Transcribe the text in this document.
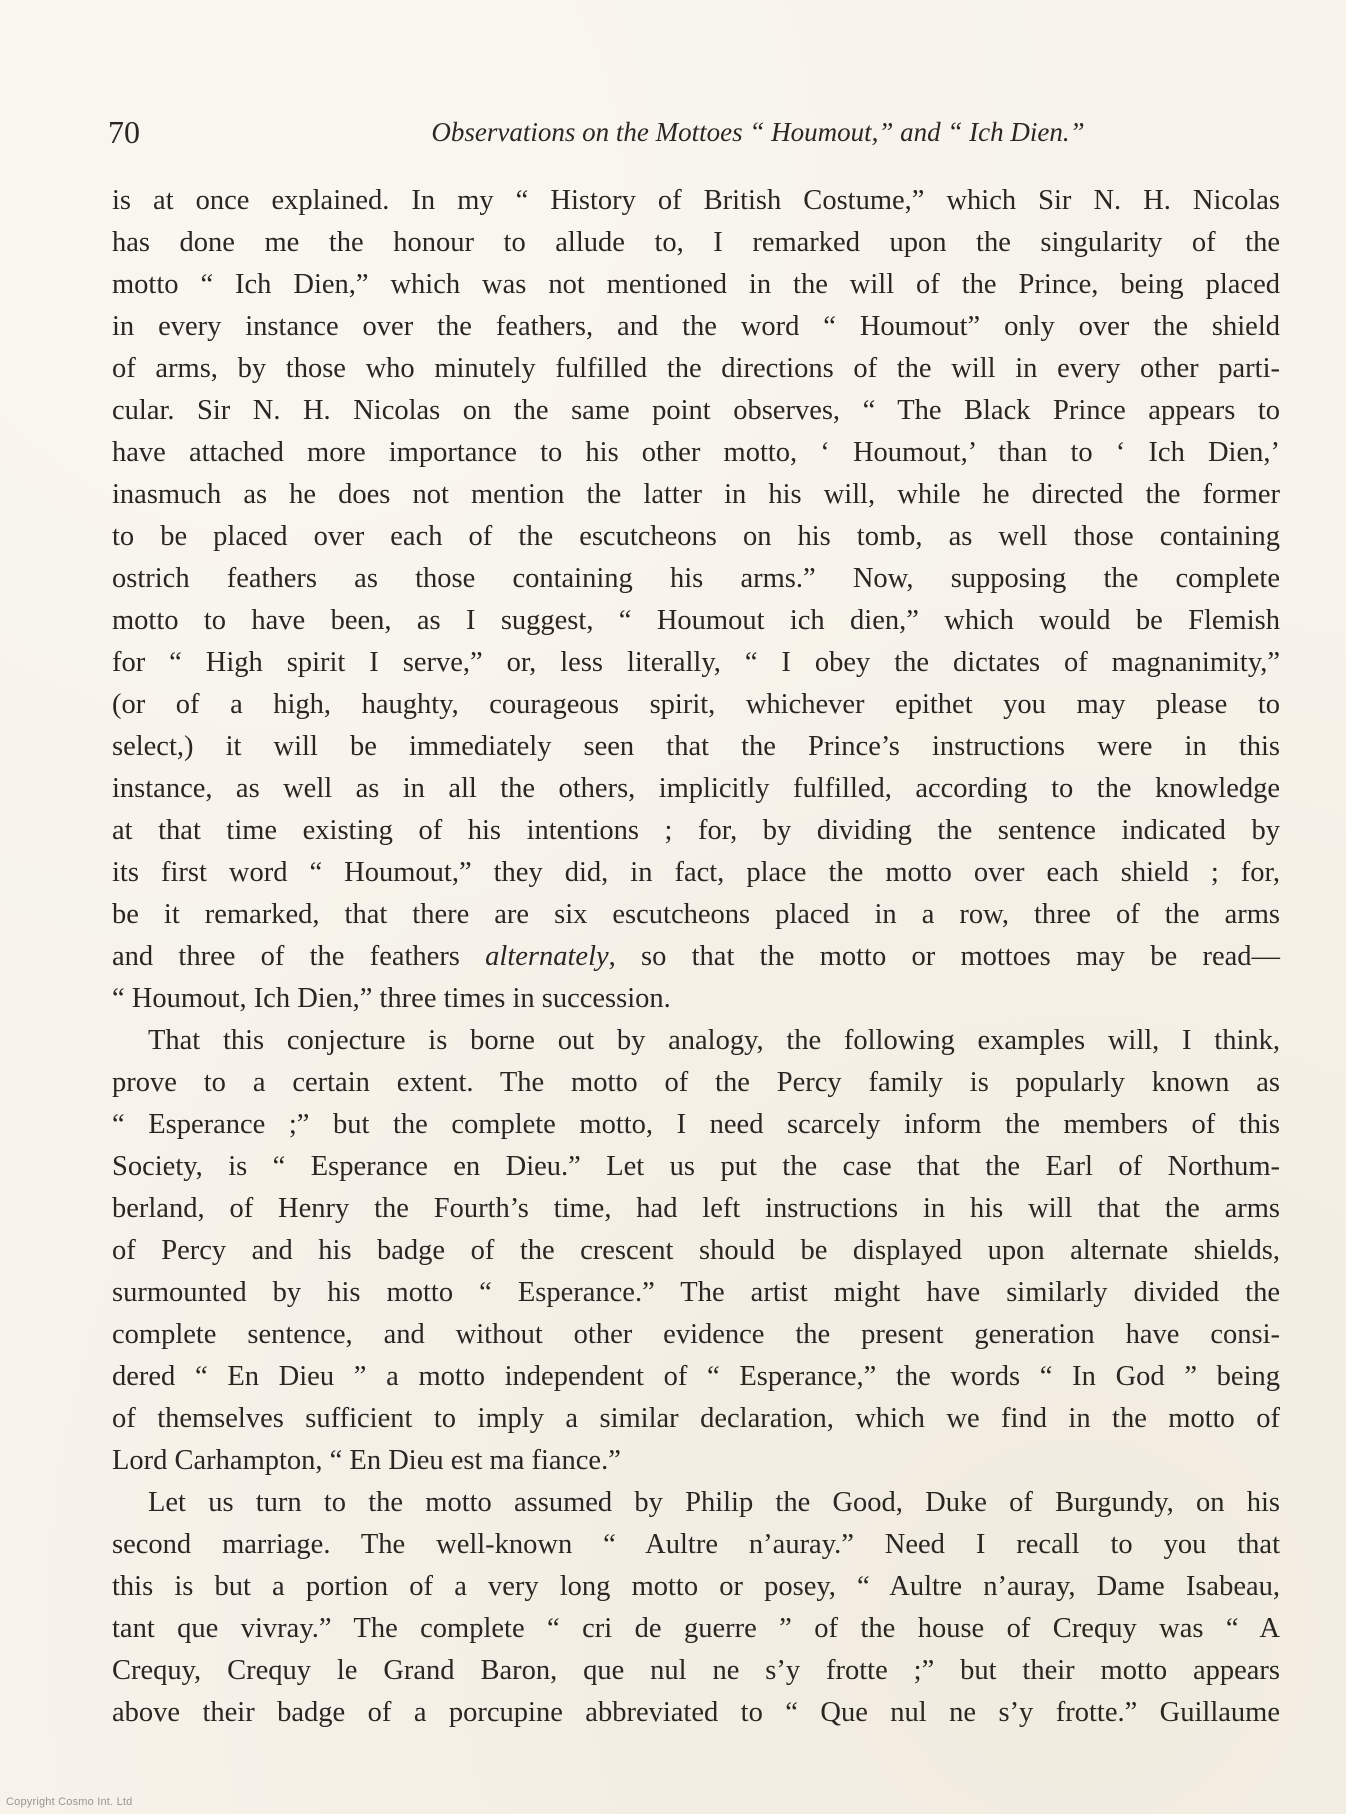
70	Observations on the Mottoes “ Houmout,” and “ Ich Dien.”
is at once explained. In my “ History of British Costume,” which Sir N. H. Nicolas
has done me the honour to allude to, I remarked upon the singularity of the
motto “ Ich Dien,” which was not mentioned in the will of the Prince, being placed
in every instance over the feathers, and the word “ Houmout” only over the shield
of arms, by those who minutely fulfilled the directions of the will in every other parti-
cular. Sir N. H. Nicolas on the same point observes, “ The Black Prince appears to
have attached more importance to his other motto, ‘ Houmout,’ than to ‘ Ich Dien,’
inasmuch as he does not mention the latter in his will, while he directed the former
to be placed over each of the escutcheons on his tomb, as well those containing
ostrich feathers as those containing his arms.” Now, supposing the complete
motto to have been, as I suggest, “ Houmout ich dien,” which would be Flemish
for “ High spirit I serve,” or, less literally, “ I obey the dictates of magnanimity,”
(or of a high, haughty, courageous spirit, whichever epithet you may please to
select,) it will be immediately seen that the Prince’s instructions were in this
instance, as well as in all the others, implicitly fulfilled, according to the knowledge
at that time existing of his intentions ; for, by dividing the sentence indicated by
its first word “ Houmout,” they did, in fact, place the motto over each shield ; for,
be it remarked, that there are six escutcheons placed in a row, three of the arms
and three of the feathers alternately, so that the motto or mottoes may be read—
“ Houmout, Ich Dien,” three times in succession.
That this conjecture is borne out by analogy, the following examples will, I think,
prove to a certain extent. The motto of the Percy family is popularly known as
“ Esperance ;” but the complete motto, I need scarcely inform the members of this
Society, is “ Esperance en Dieu.” Let us put the case that the Earl of Northum-
berland, of Henry the Fourth’s time, had left instructions in his will that the arms
of Percy and his badge of the crescent should be displayed upon alternate shields,
surmounted by his motto “ Esperance.” The artist might have similarly divided the
complete sentence, and without other evidence the present generation have consi-
dered “ En Dieu ” a motto independent of “ Esperance,” the words “ In God ” being
of themselves sufficient to imply a similar declaration, which we find in the motto of
Lord Carhampton, “ En Dieu est ma fiance.”
Let us turn to the motto assumed by Philip the Good, Duke of Burgundy, on his
second marriage. The well-known “ Aultre n’auray.” Need I recall to you that
this is but a portion of a very long motto or posey, “ Aultre n’auray, Dame Isabeau,
tant que vivray.” The complete “ cri de guerre ” of the house of Crequy was “ A
Crequy, Crequy le Grand Baron, que nul ne s’y frotte ;” but their motto appears
above their badge of a porcupine abbreviated to “ Que nul ne s’y frotte.” Guillaume
Copyright Cosmo Int. Ltd
